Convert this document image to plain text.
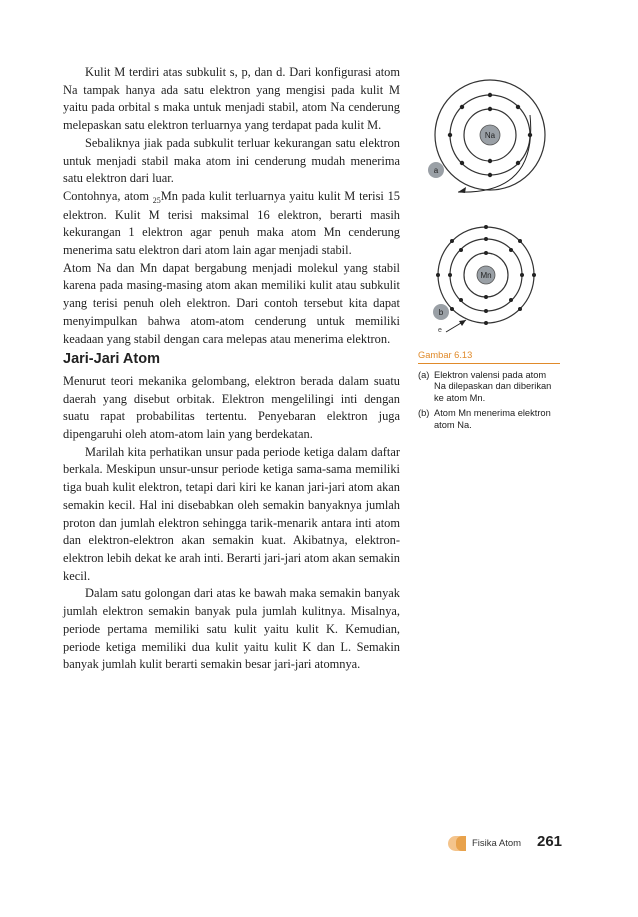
Kulit M terdiri atas subkulit s, p, dan d. Dari konfigurasi atom Na tampak hanya ada satu elektron yang mengisi pada kulit M yaitu pada orbital s maka untuk menjadi stabil, atom Na cenderung melepaskan satu elektron terluarnya yang terdapat pada kulit M.

Sebaliknya jiak pada subkulit terluar kekurangan satu elektron untuk menjadi stabil maka atom ini cenderung mudah menerima satu elektron dari luar.

Contohnya, atom $_{25}$Mn pada kulit terluarnya yaitu kulit M terisi 15 elektron. Kulit M terisi maksimal 16 elektron, berarti masih kekurangan 1 elektron agar penuh maka atom Mn cenderung menerima satu elektron dari atom lain agar menjadi stabil.

Atom Na dan Mn dapat bergabung menjadi molekul yang stabil karena pada masing-masing atom akan memiliki kulit atau subkulit yang terisi penuh oleh elektron. Dari contoh tersebut kita dapat menyimpulkan bahwa atom-atom cenderung untuk memiliki keadaan yang stabil dengan cara melepas atau menerima elektron.

Jari-Jari Atom

Menurut teori mekanika gelombang, elektron berada dalam suatu daerah yang disebut orbitak. Elektron mengelilingi inti dengan suatu rapat probabilitas tertentu. Penyebaran elektron juga dipengaruhi oleh atom-atom lain yang berdekatan.

Marilah kita perhatikan unsur pada periode ketiga dalam daftar berkala. Meskipun unsur-unsur periode ketiga sama-sama memiliki tiga buah kulit elektron, tetapi dari kiri ke kanan jari-jari atom akan semakin kecil. Hal ini disebabkan oleh semakin banyaknya jumlah proton dan jumlah elektron sehingga tarik-menarik antara inti atom dan elektron-elektron akan semakin kuat. Akibatnya, elektron-elektron lebih dekat ke arah inti. Berarti jari-jari atom akan semakin kecil.

Dalam satu golongan dari atas ke bawah maka semakin banyak jumlah elektron semakin banyak pula jumlah kulitnya. Misalnya, periode pertama memiliki satu kulit yaitu kulit K. Kemudian, periode ketiga memiliki dua kulit yaitu kulit K dan L. Semakin banyak jumlah kulit berarti semakin besar jari-jari atomnya.

Na
a
Mn
b
e
Gambar 6.13
(a) Elektron valensi pada atom Na dilepaskan dan diberikan ke atom Mn.
(b) Atom Mn menerima elektron atom Na.
Fisika Atom 261
